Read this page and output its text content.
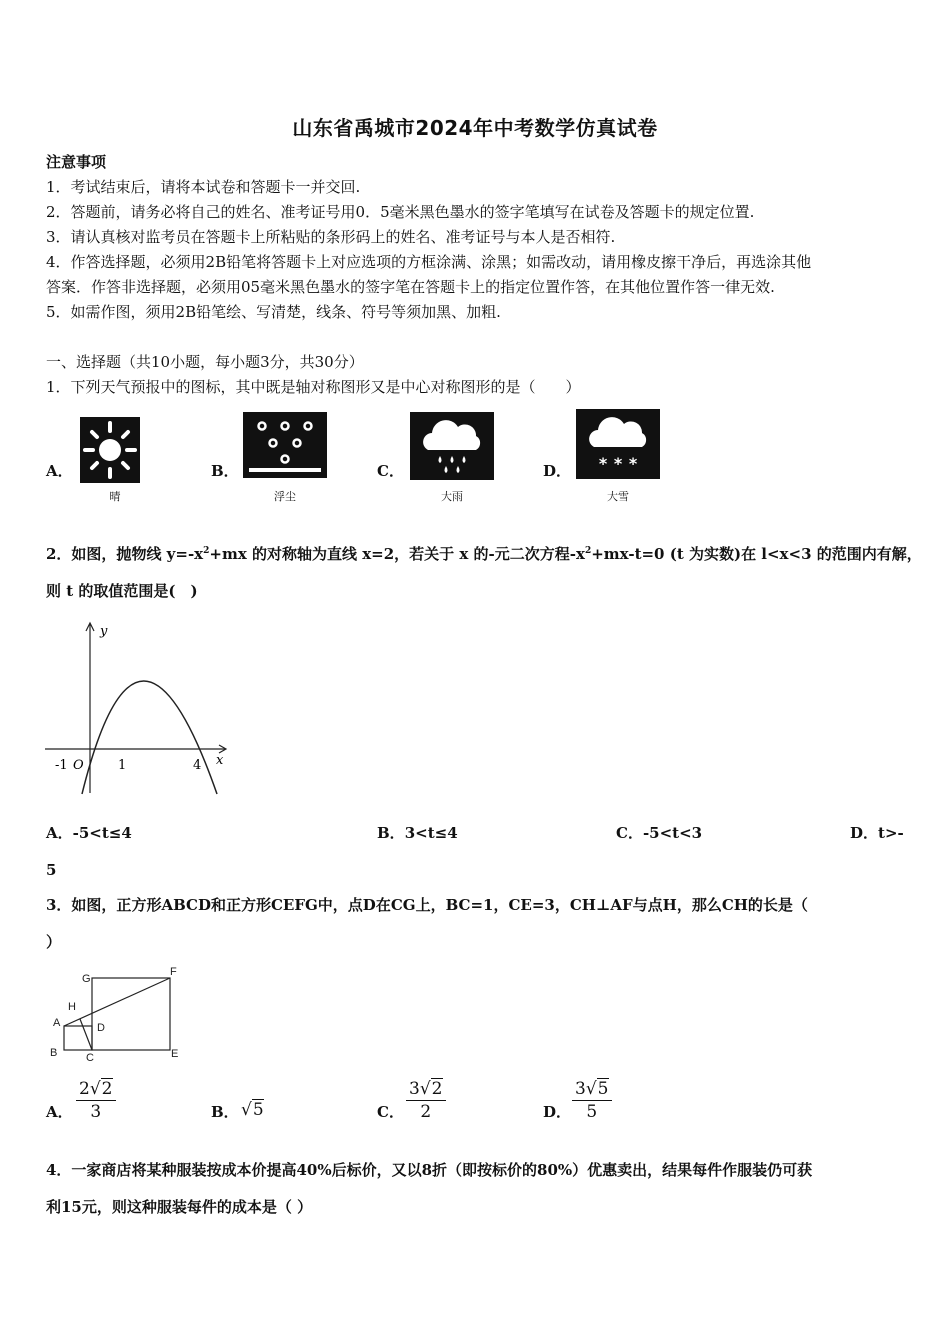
山东省禹城市2024年中考数学仿真试卷
注意事项
1．考试结束后，请将本试卷和答题卡一并交回.
2．答题前，请务必将自己的姓名、准考证号用0．5毫米黑色墨水的签字笔填写在试卷及答题卡的规定位置.
3．请认真核对监考员在答题卡上所粘贴的条形码上的姓名、准考证号与本人是否相符.
4．作答选择题，必须用2B铅笔将答题卡上对应选项的方框涂满、涂黑；如需改动，请用橡皮擦干净后，再选涂其他
答案．作答非选择题，必须用05毫米黑色墨水的签字笔在答题卡上的指定位置作答，在其他位置作答一律无效.
5．如需作图，须用2B铅笔绘、写清楚，线条、符号等须加黑、加粗.
一、选择题（共10小题，每小题3分，共30分）
1．下列天气预报中的图标，其中既是轴对称图形又是中心对称图形的是（　　）
A．
晴
B．
浮尘
C．
大雨
D． * * *
大雪
2．如图，抛物线 $y=-x^2+mx$ 的对称轴为直线 x=2，若关于 x 的-元二次方程$-x^2+mx-t=0$ (t 为实数)在 l<x<3 的范围内有解，
则 t 的取值范围是(　)
y
x
-1 O	1	4
A．-5<t≤4	B．3<t≤4	C．-5<t<3	D．t>-
5
3．如图，正方形ABCD和正方形CEFG中，点D在CG上，BC=1，CE=3，CH⊥AF与点H，那么CH的长是（
）
G
F
H
A	D
B	C	E
A． $\frac{2√2}{3}$	B． √5	C． $\frac{3√2}{2}$	D． $\frac{3√5}{5}$
4．一家商店将某种服装按成本价提高40%后标价，又以8折（即按标价的80%）优惠卖出，结果每件作服装仍可获
利15元，则这种服装每件的成本是（ ）
